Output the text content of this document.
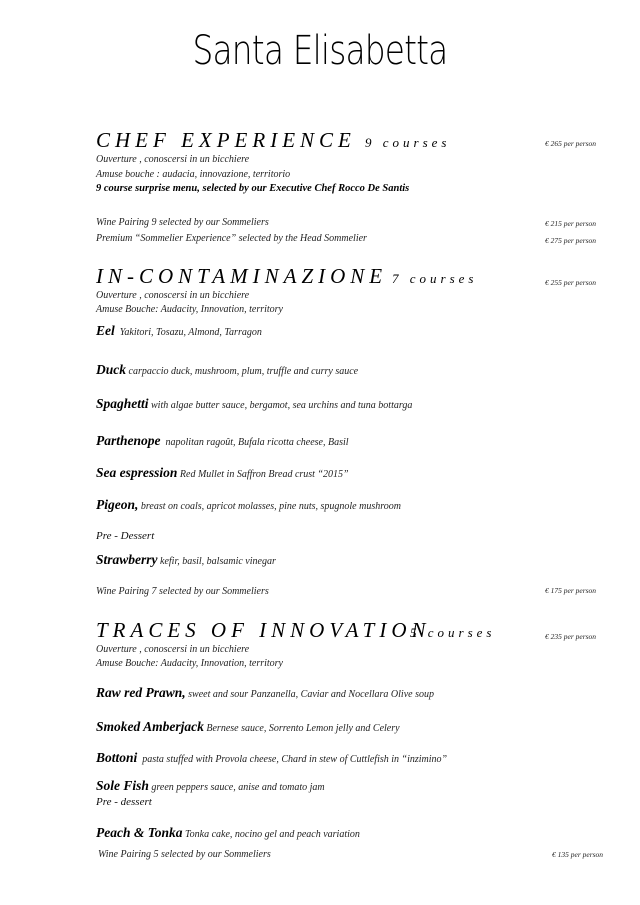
Santa Elisabetta
CHEF EXPERIENCE 9 courses	€ 265 per person
Ouverture , conoscersi in un bicchiere
Amuse bouche : audacia, innovazione, territorio
9 course surprise menu, selected by our Executive Chef Rocco De Santis
Wine Pairing 9 selected by our Sommeliers	€ 215 per person
Premium “Sommelier Experience” selected by the Head Sommelier	€ 275 per person
IN-CONTAMINAZIONE 7 courses	€ 255 per person
Ouverture , conoscersi in un bicchiere
Amuse Bouche: Audacity, Innovation, territory
Eel Yakitori, Tosazu, Almond, Tarragon
Duck carpaccio duck, mushroom, plum, truffle and curry sauce
Spaghetti with algae butter sauce, bergamot, sea urchins and tuna bottarga
Parthenope napolitan ragoût, Bufala ricotta cheese, Basil
Sea espression Red Mullet in Saffron Bread crust “2015”
Pigeon, breast on coals, apricot molasses, pine nuts, spugnole mushroom
Pre - Dessert
Strawberry kefir, basil, balsamic vinegar
Wine Pairing 7 selected by our Sommeliers	€ 175 per person
TRACES OF INNOVATION
5 courses	€ 235 per person
Ouverture , conoscersi in un bicchiere
Amuse Bouche: Audacity, Innovation, territory
Raw red Prawn, sweet and sour Panzanella, Caviar and Nocellara Olive soup
Smoked Amberjack Bernese sauce, Sorrento Lemon jelly and Celery
Bottoni pasta stuffed with Provola cheese, Chard in stew of Cuttlefish in “inzimino”
Sole Fish green peppers sauce, anise and tomato jam
Pre - dessert
Peach & Tonka Tonka cake, nocino gel and peach variation
Wine Pairing 5 selected by our Sommeliers	€ 135 per person
